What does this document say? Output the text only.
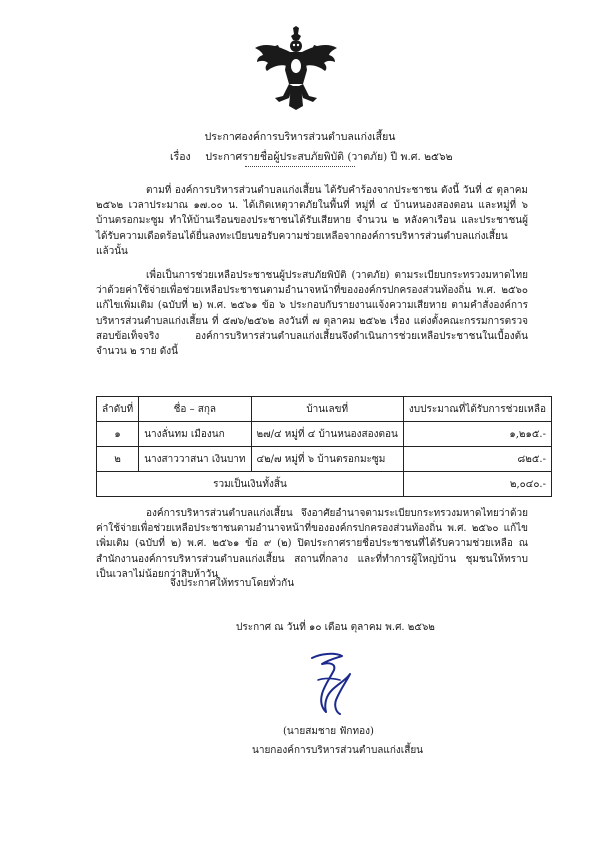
ประกาศองค์การบริหารส่วนตำบลแก่งเสี้ยน
เรื่อง ประกาศรายชื่อผู้ประสบภัยพิบัติ (วาตภัย) ปี พ.ศ. ๒๕๖๒
ตามที่ องค์การบริหารส่วนตำบลแก่งเสี้ยน ได้รับคำร้องจากประชาชน ดังนี้ วันที่ ๕ ตุลาคม ๒๕๖๒ เวลาประมาณ ๑๗.๐๐ น. ได้เกิดเหตุวาตภัยในพื้นที่ หมู่ที่ ๔ บ้านหนองสองตอน และหมู่ที่ ๖ บ้านตรอกมะซูม ทำให้บ้านเรือนของประชาชนได้รับเสียหาย จำนวน ๒ หลังคาเรือน และประชาชนผู้ได้รับความเดือดร้อนได้ยื่นลงทะเบียนขอรับความช่วยเหลือจากองค์การบริหารส่วนตำบลแก่งเสี้ยน แล้วนั้น
เพื่อเป็นการช่วยเหลือประชาชนผู้ประสบภัยพิบัติ (วาตภัย) ตามระเบียบกระทรวงมหาดไทยว่าด้วยค่าใช้จ่ายเพื่อช่วยเหลือประชาชนตามอำนาจหน้าที่ขององค์กรปกครองส่วนท้องถิ่น พ.ศ. ๒๕๖๐ แก้ไขเพิ่มเติม (ฉบับที่ ๒) พ.ศ. ๒๕๖๑ ข้อ ๖ ประกอบกับรายงานแจ้งความเสียหาย ตามคำสั่งองค์การบริหารส่วนตำบลแก่งเสี้ยน ที่ ๕๗๖/๒๕๖๒ ลงวันที่ ๗ ตุลาคม ๒๕๖๒ เรื่อง แต่งตั้งคณะกรรมการตรวจสอบข้อเท็จจริง องค์การบริหารส่วนตำบลแก่งเสี้ยนจึงดำเนินการช่วยเหลือประชาชนในเบื้องต้น จำนวน ๒ ราย ดังนี้
ลำดับที่	ชื่อ – สกุล	บ้านเลขที่	งบประมาณที่ได้รับการช่วยเหลือ
๑	นางลั่นทม เมืองนก	๒๗/๔ หมู่ที่ ๔ บ้านหนองสองตอน	๑,๒๑๕.-
๒	นางสาววาสนา เงินบาท	๔๒/๗ หมู่ที่ ๖ บ้านตรอกมะซูม	๘๒๕.-
รวมเป็นเงินทั้งสิ้น			๒,๐๔๐.-
องค์การบริหารส่วนตำบลแก่งเสี้ยน จึงอาศัยอำนาจตามระเบียบกระทรวงมหาดไทยว่าด้วยค่าใช้จ่ายเพื่อช่วยเหลือประชาชนตามอำนาจหน้าที่ขององค์กรปกครองส่วนท้องถิ่น พ.ศ. ๒๕๖๐ แก้ไขเพิ่มเติม (ฉบับที่ ๒) พ.ศ. ๒๕๖๑ ข้อ ๙ (๒) ปิดประกาศรายชื่อประชาชนที่ได้รับความช่วยเหลือ ณ สำนักงานองค์การบริหารส่วนตำบลแก่งเสี้ยน สถานที่กลาง และที่ทำการผู้ใหญ่บ้าน ชุมชนให้ทราบ เป็นเวลาไม่น้อยกว่าสิบห้าวัน
จึงประกาศให้ทราบโดยทั่วกัน
ประกาศ ณ วันที่ ๑๐ เดือน ตุลาคม พ.ศ. ๒๕๖๒
(นายสมชาย ฟักทอง)
นายกองค์การบริหารส่วนตำบลแก่งเสี้ยน
